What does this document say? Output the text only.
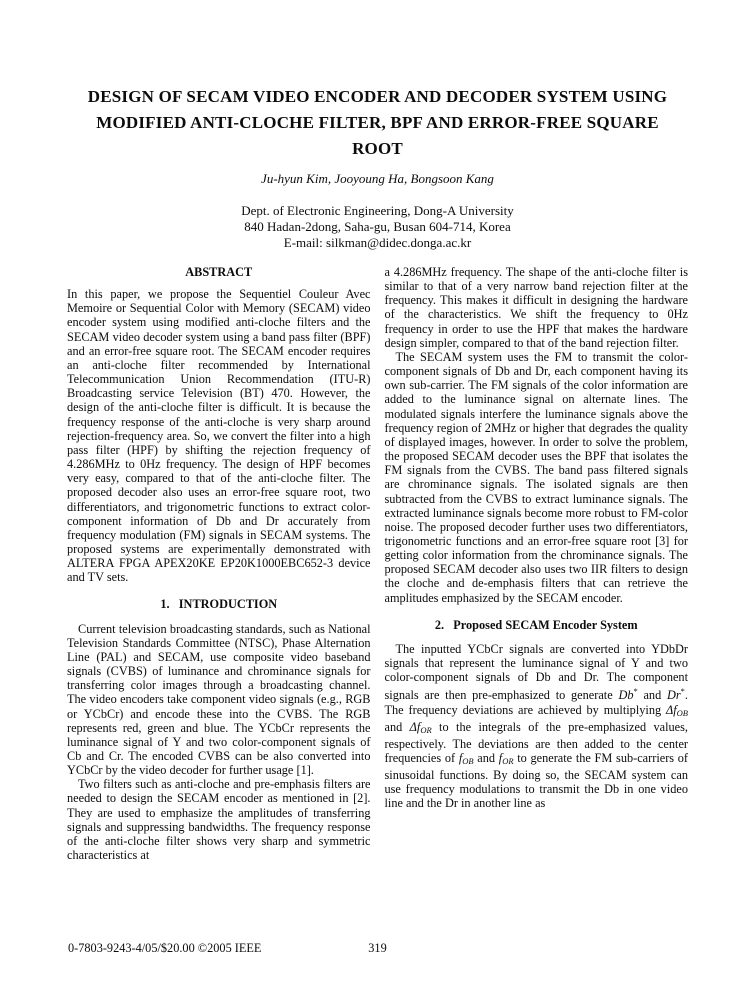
DESIGN OF SECAM VIDEO ENCODER AND DECODER SYSTEM USING
MODIFIED ANTI-CLOCHE FILTER, BPF AND ERROR-FREE SQUARE
ROOT
Ju-hyun Kim, Jooyoung Ha, Bongsoon Kang
Dept. of Electronic Engineering, Dong-A University
840 Hadan-2dong, Saha-gu, Busan 604-714, Korea
E-mail: silkman@didec.donga.ac.kr
ABSTRACT

In this paper, we propose the Sequentiel Couleur Avec Memoire or Sequential Color with Memory (SECAM) video encoder system using modified anti-cloche filters and the SECAM video decoder system using a band pass filter (BPF) and an error-free square root. The SECAM encoder requires an anti-cloche filter recommended by International Telecommunication Union Recommendation (ITU-R) Broadcasting service Television (BT) 470. However, the design of the anti-cloche filter is difficult. It is because the frequency response of the anti-cloche is very sharp around rejection-frequency area. So, we convert the filter into a high pass filter (HPF) by shifting the rejection frequency of 4.286MHz to 0Hz frequency. The design of HPF becomes very easy, compared to that of the anti-cloche filter. The proposed decoder also uses an error-free square root, two differentiators, and trigonometric functions to extract color-component information of Db and Dr accurately from frequency modulation (FM) signals in SECAM systems. The proposed systems are experimentally demonstrated with ALTERA FPGA APEX20KE EP20K1000EBC652-3 device and TV sets.

1.   INTRODUCTION

Current television broadcasting standards, such as National Television Standards Committee (NTSC), Phase Alternation Line (PAL) and SECAM, use composite video baseband signals (CVBS) of luminance and chrominance signals for transferring color images through a broadcasting channel. The video encoders take component video signals (e.g., RGB or YCbCr) and encode these into the CVBS. The RGB represents red, green and blue. The YCbCr represents the luminance signal of Y and two color-component signals of Cb and Cr. The encoded CVBS can be also converted into YCbCr by the video decoder for further usage [1].

Two filters such as anti-cloche and pre-emphasis filters are needed to design the SECAM encoder as mentioned in [2]. They are used to emphasize the amplitudes of transferring signals and suppressing bandwidths. The frequency response of the anti-cloche filter shows very sharp and symmetric characteristics at

a 4.286MHz frequency. The shape of the anti-cloche filter is similar to that of a very narrow band rejection filter at the frequency. This makes it difficult in designing the hardware of the characteristics. We shift the frequency to 0Hz frequency in order to use the HPF that makes the hardware design simpler, compared to that of the band rejection filter.

The SECAM system uses the FM to transmit the color-component signals of Db and Dr, each component having its own sub-carrier. The FM signals of the color information are added to the luminance signal on alternate lines. The modulated signals interfere the luminance signals above the frequency region of 2MHz or higher that degrades the quality of displayed images, however. In order to solve the problem, the proposed SECAM decoder uses the BPF that isolates the FM signals from the CVBS. The band pass filtered signals are chrominance signals. The isolated signals are then subtracted from the CVBS to extract luminance signals. The extracted luminance signals become more robust to FM-color noise. The proposed decoder further uses two differentiators, trigonometric functions and an error-free square root [3] for getting color information from the chrominance signals. The proposed SECAM decoder also uses two IIR filters to design the cloche and de-emphasis filters that can retrieve the amplitudes emphasized by the SECAM encoder.

2.   Proposed SECAM Encoder System

The inputted YCbCr signals are converted into YDbDr signals that represent the luminance signal of Y and two color-component signals of Db and Dr. The component signals are then pre-emphasized to generate Db* and Dr*. The frequency deviations are achieved by multiplying ΔfOB and ΔfOR to the integrals of the pre-emphasized values, respectively. The deviations are then added to the center frequencies of fOB and fOR to generate the FM sub-carriers of sinusoidal functions. By doing so, the SECAM system can use frequency modulations to transmit the Db in one video line and the Dr in another line as

0-7803-9243-4/05/$20.00 ©2005 IEEE	319
